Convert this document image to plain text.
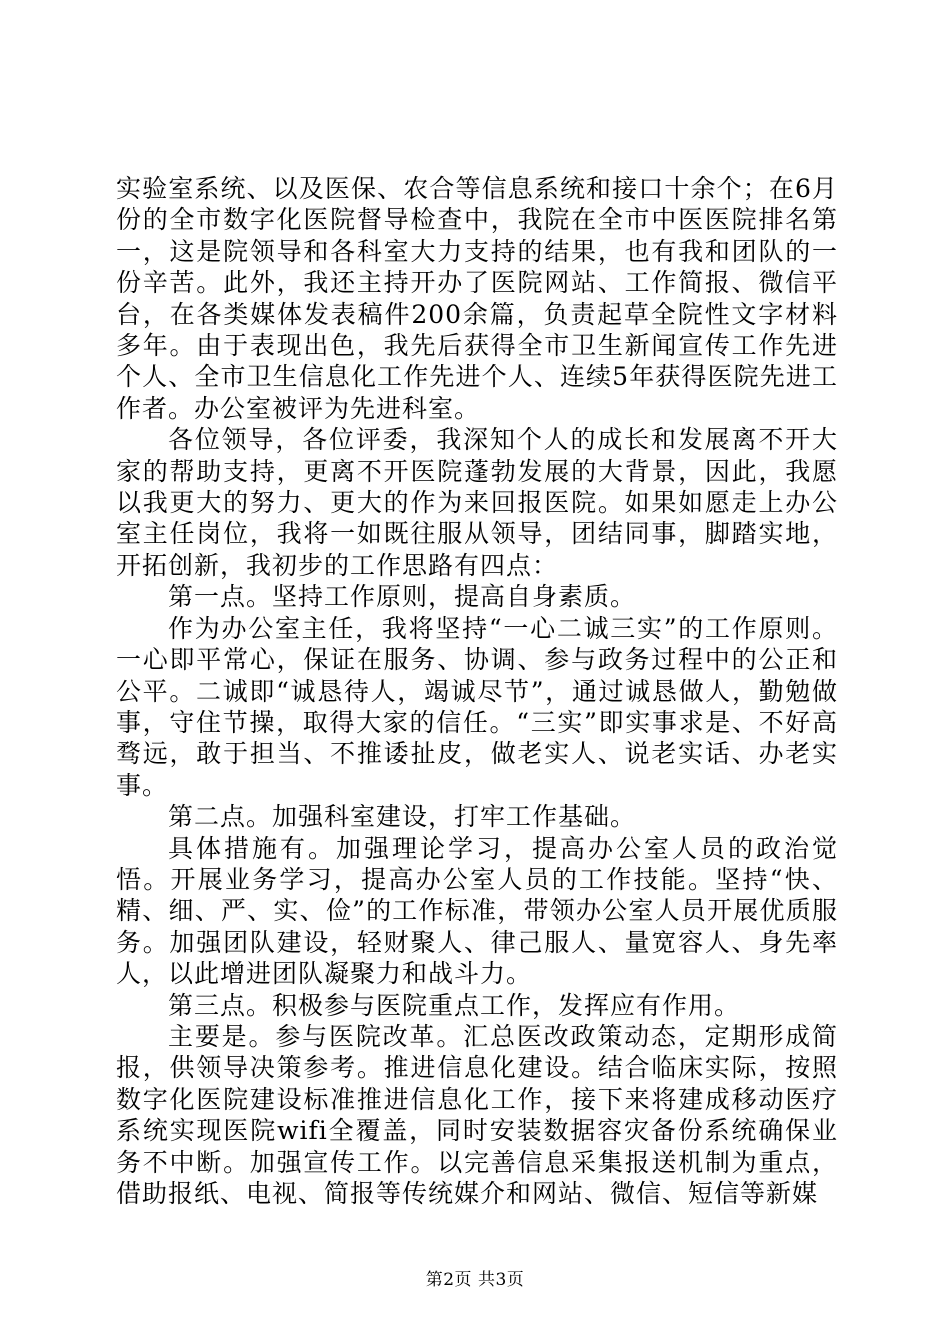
实验室系统、以及医保、农合等信息系统和接口十余个；在6月份的全市数字化医院督导检查中，我院在全市中医医院排名第一，这是院领导和各科室大力支持的结果，也有我和团队的一份辛苦。此外，我还主持开办了医院网站、工作简报、微信平台，在各类媒体发表稿件200余篇，负责起草全院性文字材料多年。由于表现出色，我先后获得全市卫生新闻宣传工作先进个人、全市卫生信息化工作先进个人、连续5年获得医院先进工作者。办公室被评为先进科室。

各位领导，各位评委，我深知个人的成长和发展离不开大家的帮助支持，更离不开医院蓬勃发展的大背景，因此，我愿以我更大的努力、更大的作为来回报医院。如果如愿走上办公室主任岗位，我将一如既往服从领导，团结同事，脚踏实地，开拓创新，我初步的工作思路有四点：

第一点。坚持工作原则，提高自身素质。

作为办公室主任，我将坚持“一心二诚三实”的工作原则。一心即平常心，保证在服务、协调、参与政务过程中的公正和公平。二诚即“诚恳待人，竭诚尽节”，通过诚恳做人，勤勉做事，守住节操，取得大家的信任。“三实”即实事求是、不好高骛远，敢于担当、不推诿扯皮，做老实人、说老实话、办老实事。

第二点。加强科室建设，打牢工作基础。

具体措施有。加强理论学习，提高办公室人员的政治觉悟。开展业务学习，提高办公室人员的工作技能。坚持“快、精、细、严、实、俭”的工作标准，带领办公室人员开展优质服务。加强团队建设，轻财聚人、律己服人、量宽容人、身先率人，以此增进团队凝聚力和战斗力。

第三点。积极参与医院重点工作，发挥应有作用。

主要是。参与医院改革。汇总医改政策动态，定期形成简报，供领导决策参考。推进信息化建设。结合临床实际，按照数字化医院建设标准推进信息化工作，接下来将建成移动医疗系统实现医院wifi全覆盖，同时安装数据容灾备份系统确保业务不中断。加强宣传工作。以完善信息采集报送机制为重点，借助报纸、电视、简报等传统媒介和网站、微信、短信等新媒

第2页 共3页
